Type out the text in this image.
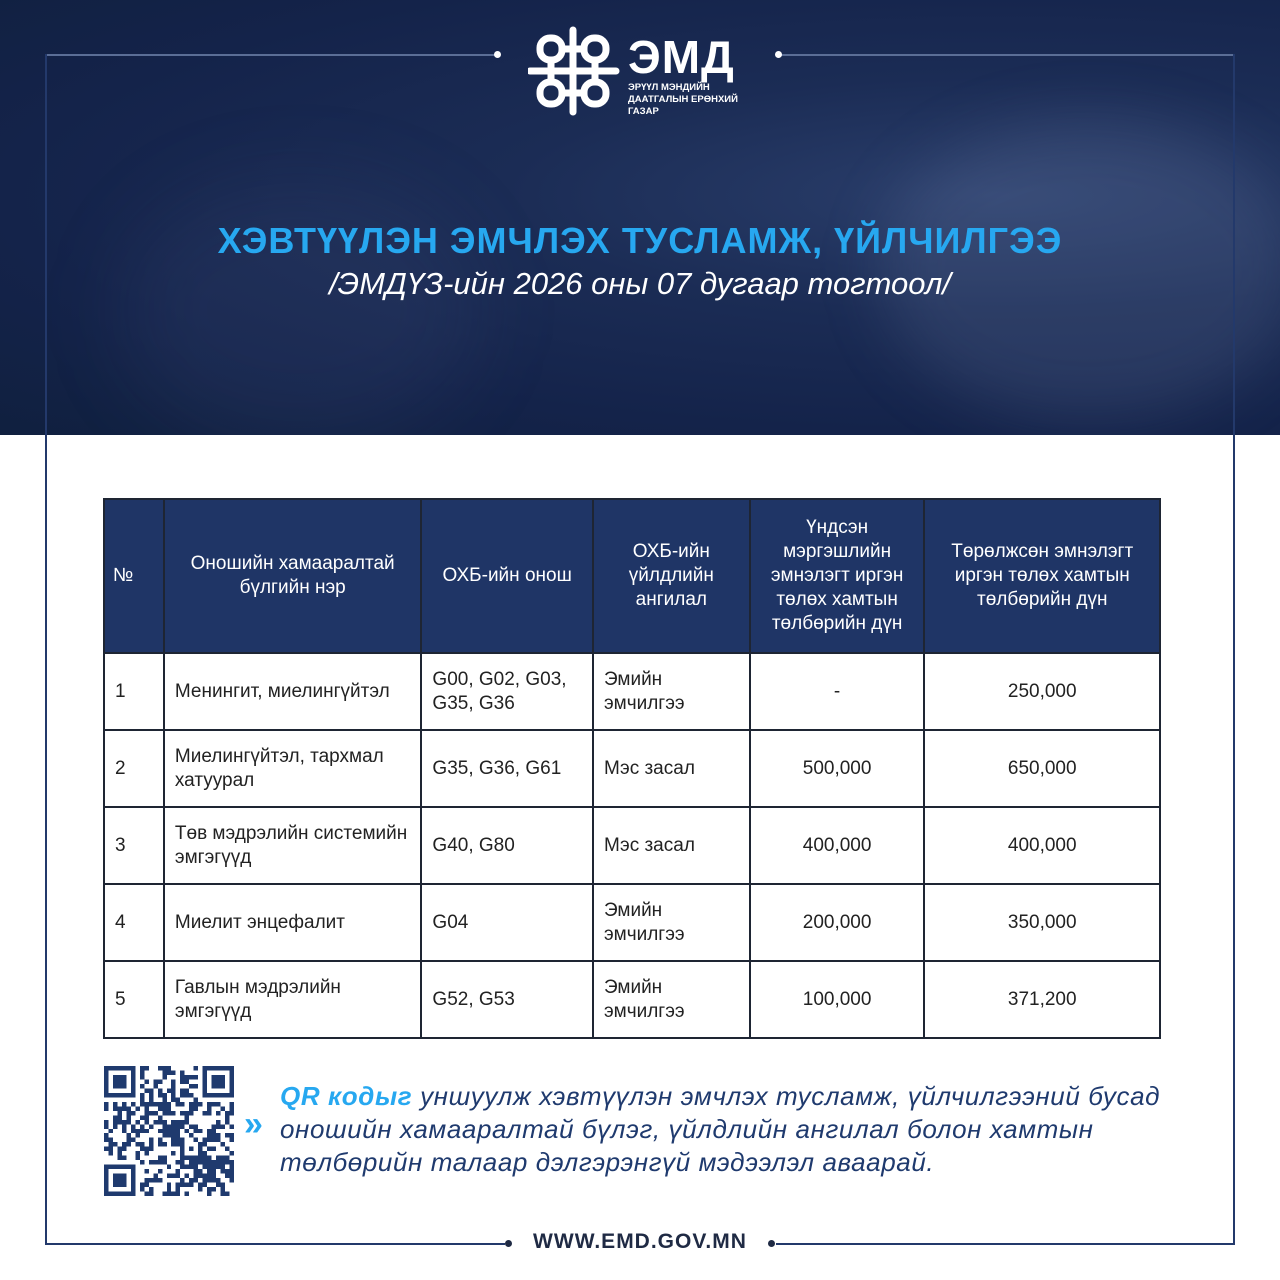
ЭМД
ЭРҮҮЛ МЭНДИЙН ДААТГАЛЫН ЕРӨНХИЙ ГАЗАР
ХЭВТҮҮЛЭН ЭМЧЛЭХ ТУСЛАМЖ, ҮЙЛЧИЛГЭЭ
/ЭМДҮЗ-ийн 2026 оны 07 дугаар тогтоол/
№	Оношийн хамааралтай бүлгийн нэр	ОХБ-ийн онош	ОХБ-ийн үйлдлийн ангилал	Үндсэн мэргэшлийн эмнэлэгт иргэн төлөх хамтын төлбөрийн дүн	Төрөлжсөн эмнэлэгт иргэн төлөх хамтын төлбөрийн дүн
1	Менингит, миелингүйтэл	G00, G02, G03, G35, G36	Эмийн эмчилгээ	-	250,000
2	Миелингүйтэл, тархмал хатуурал	G35, G36, G61	Мэс засал	500,000	650,000
3	Төв мэдрэлийн системийн эмгэгүүд	G40, G80	Мэс засал	400,000	400,000
4	Миелит энцефалит	G04	Эмийн эмчилгээ	200,000	350,000
5	Гавлын мэдрэлийн эмгэгүүд	G52, G53	Эмийн эмчилгээ	100,000	371,200
»
QR кодыг уншуулж хэвтүүлэн эмчлэх тусламж, үйлчилгээний бусад оношийн хамааралтай бүлэг, үйлдлийн ангилал болон хамтын төлбөрийн талаар дэлгэрэнгүй мэдээлэл аваарай.
WWW.EMD.GOV.MN
